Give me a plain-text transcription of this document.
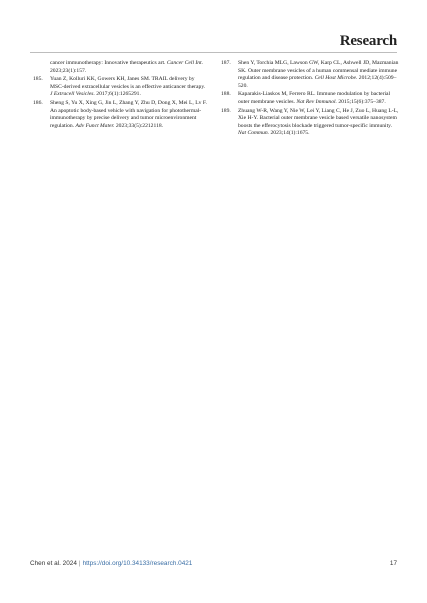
Research
cancer immunotherapy: Innovative therapeutics art. Cancer Cell Int. 2023;23(1):157.
185.	Yuan Z, Kolluri KK, Gowers KH, Janes SM. TRAIL delivery by MSC-derived extracellular vesicles is an effective anticancer therapy. J Extracell Vesicles. 2017;6(1):1265291.
186.	Sheng S, Yu X, Xing G, Jin L, Zhang Y, Zhu D, Dong X, Mei L, Lv F. An apoptotic body-based vehicle with navigation for photothermal-immunotherapy by precise delivery and tumor microenvironment regulation. Adv Funct Mater. 2023;33(5):2212118.
187.	Shen Y, Torchia MLG, Lawson GW, Karp CL, Ashwell JD, Mazmanian SK. Outer membrane vesicles of a human commensal mediate immune regulation and disease protection. Cell Host Microbe. 2012;12(4):509–520.
188.	Kaparakis-Liaskos M, Ferrero RL. Immune modulation by bacterial outer membrane vesicles. Nat Rev Immunol. 2015;15(6):375–387.
189.	Zhuang W-R, Wang Y, Nie W, Lei Y, Liang C, He J, Zuo L, Huang L-L, Xie H-Y. Bacterial outer membrane vesicle based versatile nanosystem boosts the efferocytosis blockade triggered tumor-specific immunity. Nat Commun. 2023;14(1):1675.
Chen et al. 2024 | https://doi.org/10.34133/research.0421	17
